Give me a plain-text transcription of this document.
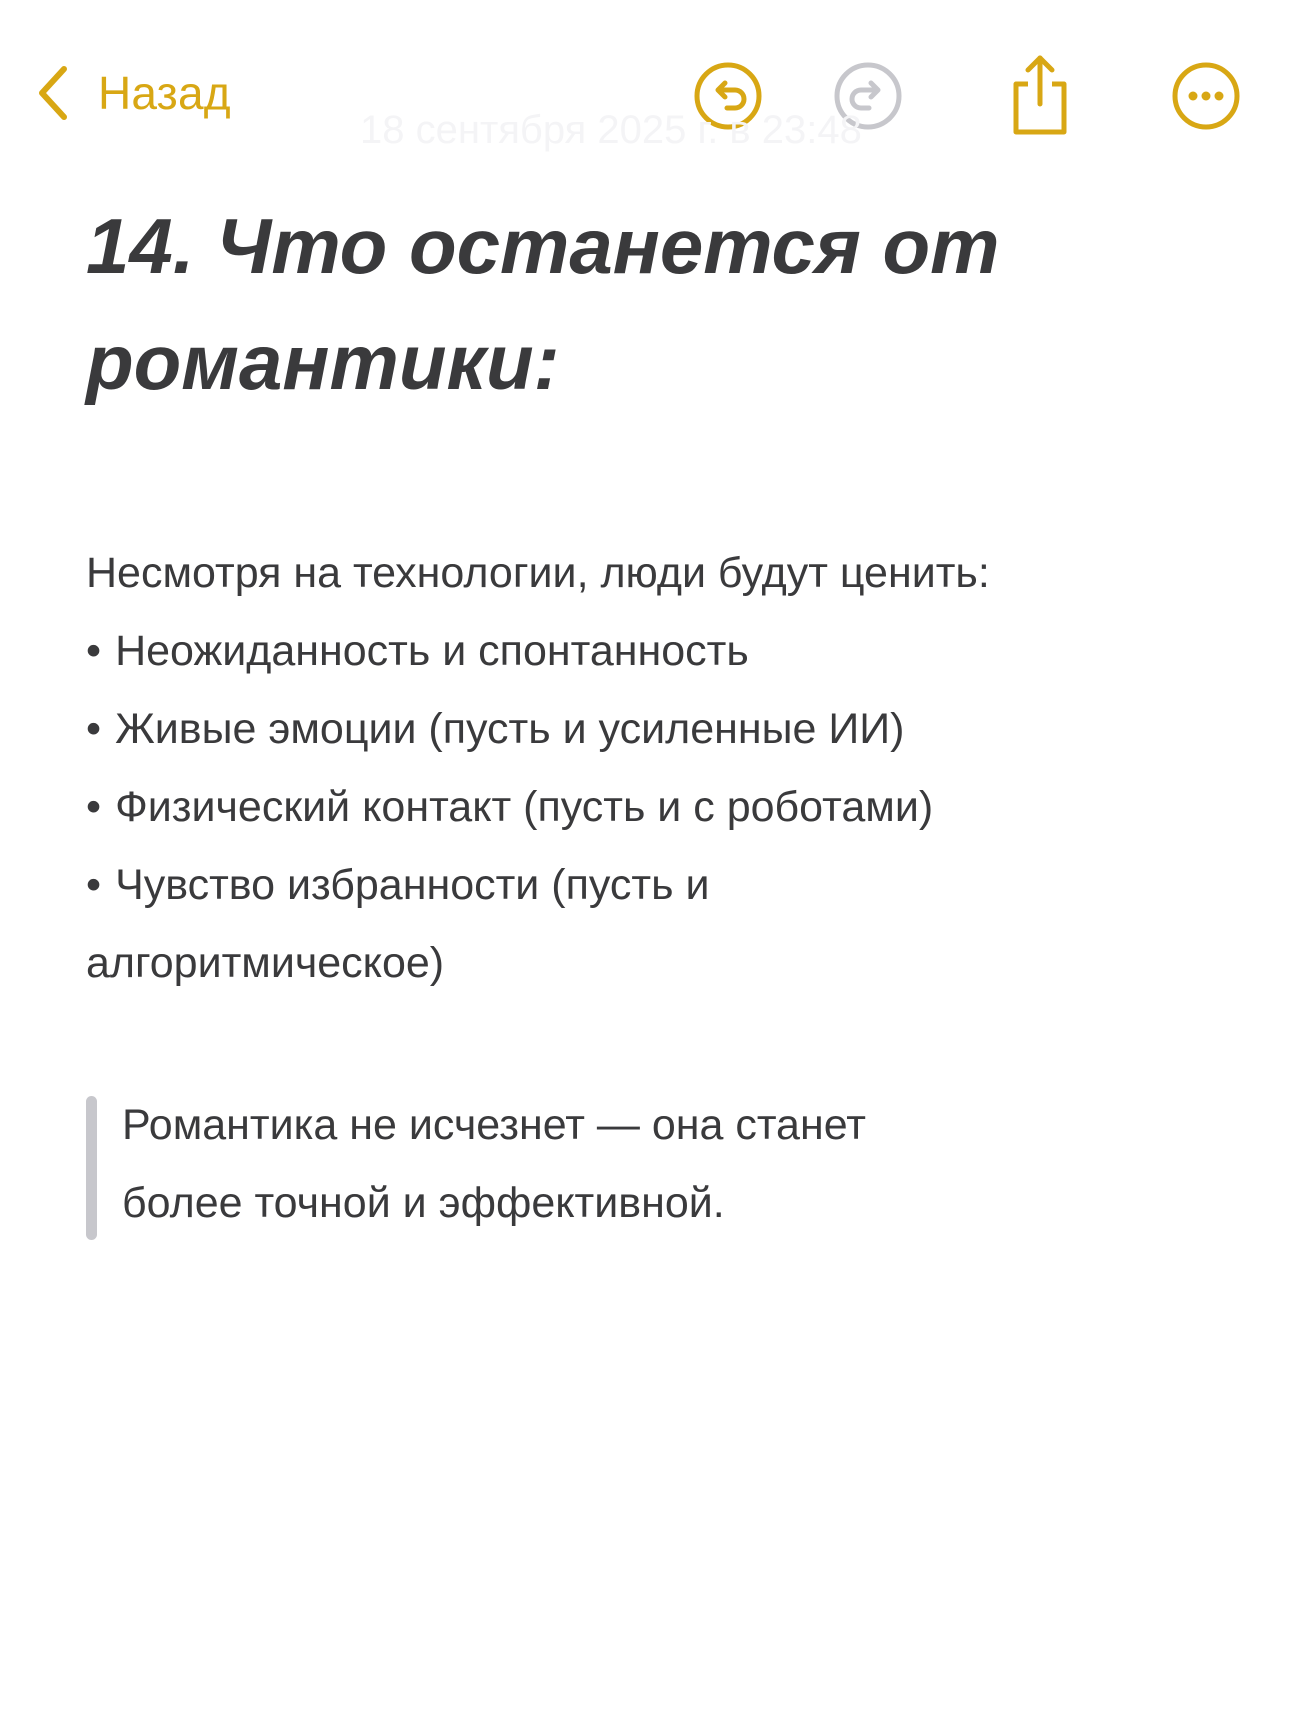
Назад
18 сентября 2025 г. в 23:48
14. Что останется от романтики:

Несмотря на технологии, люди будут ценить:

• Неожиданность и спонтанность
• Живые эмоции (пусть и усиленные ИИ)
• Физический контакт (пусть и с роботами)
• Чувство избранности (пусть и

алгоритмическое)

Романтика не исчезнет — она станет

более точной и эффективной.
